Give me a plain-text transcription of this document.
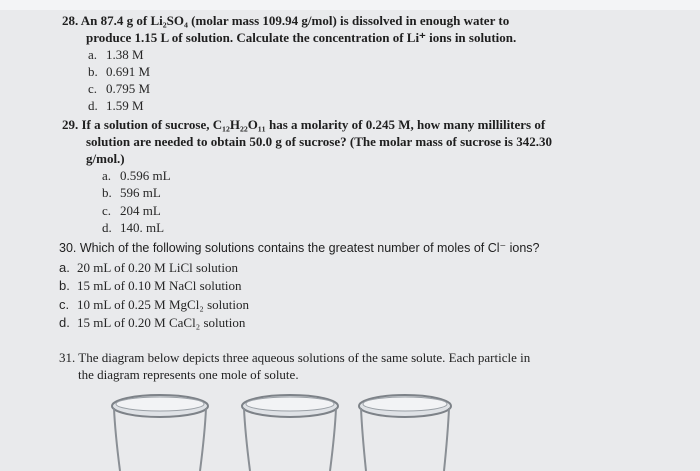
28. An 87.4 g of Li₂SO₄ (molar mass 109.94 g/mol) is dissolved in enough water to
produce 1.15 L of solution. Calculate the concentration of Li⁺ ions in solution.
a. 1.38 M
b. 0.691 M
c. 0.795 M
d. 1.59 M
29. If a solution of sucrose, C₁₂H₂₂O₁₁ has a molarity of 0.245 M, how many milliliters of
solution are needed to obtain 50.0 g of sucrose? (The molar mass of sucrose is 342.30
g/mol.)
a. 0.596 mL
b. 596 mL
c. 204 mL
d. 140. mL
30. Which of the following solutions contains the greatest number of moles of Cl⁻ ions?
a. 20 mL of 0.20 M LiCl solution
b. 15 mL of 0.10 M NaCl solution
c. 10 mL of 0.25 M MgCl₂ solution
d. 15 mL of 0.20 M CaCl₂ solution
31. The diagram below depicts three aqueous solutions of the same solute. Each particle in
the diagram represents one mole of solute.
